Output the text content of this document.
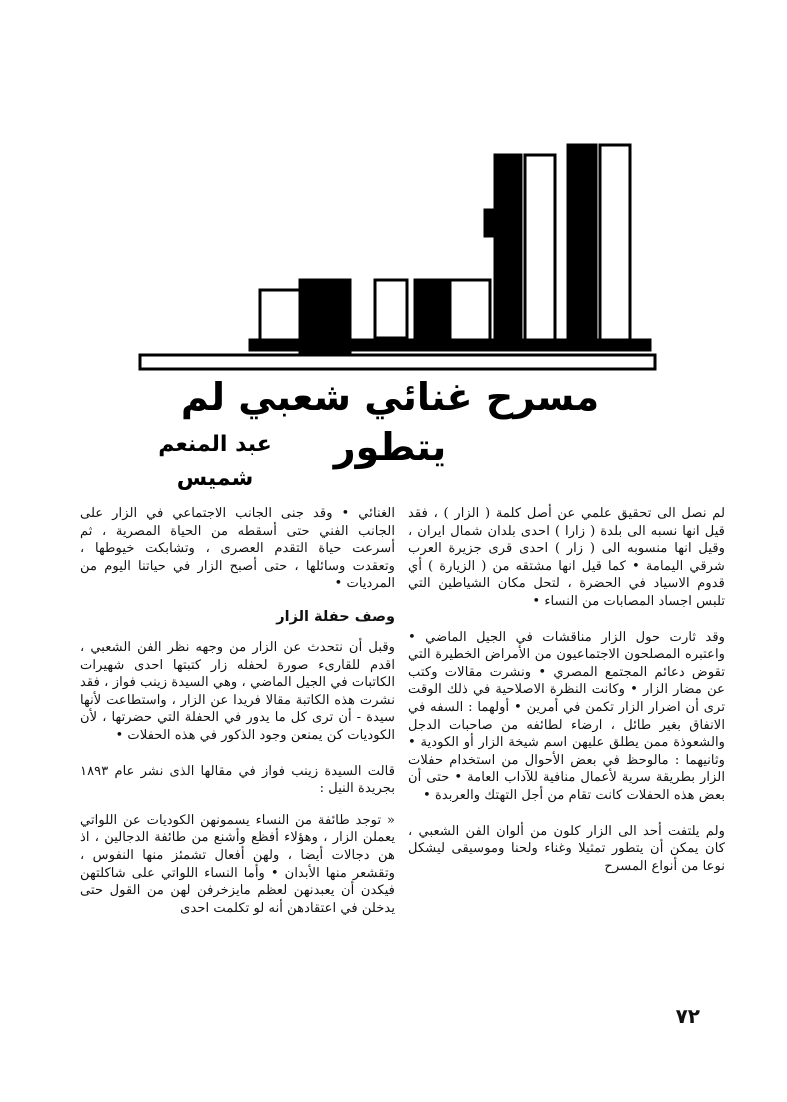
مسرح غنائي شعبي لم يتطور
عبد المنعم شميس

لم نصل الى تحقيق علمي عن أصل كلمة ( الزار ) ، فقد قيل انها نسبه الى بلدة ( زارا ) احدى بلدان شمال ايران ، وقيل انها منسوبه الى ( زار ) احدى قرى جزيرة العرب شرقي اليمامة • كما قيل انها مشتقه من ( الزيارة ) أي قدوم الاسياد في الحضرة ، لتحل مكان الشياطين التي تلبس اجساد المصابات من النساء •

وقد ثارت حول الزار مناقشات في الجيل الماضي • واعتبره المصلحون الاجتماعيون من الأمراض الخطيرة التي تقوض دعائم المجتمع المصري • ونشرت مقالات وكتب عن مضار الزار • وكانت النظرة الاصلاحية في ذلك الوقت ترى أن اضرار الزار تكمن في أمرين • أولهما : السفه في الانفاق بغير طائل ، ارضاء لطائفه من صاحبات الدجل والشعوذة ممن يطلق عليهن اسم شيخة الزار أو الكودية • وثانيهما : مالوحظ في بعض الأحوال من استخدام حفلات الزار بطريقة سرية لأعمال منافية للآداب العامة • حتى أن بعض هذه الحفلات كانت تقام من أجل التهتك والعربدة •

ولم يلتفت أحد الى الزار كلون من ألوان الفن الشعبي ، كان يمكن أن يتطور تمثيلا وغناء ولحنا وموسيقى ليشكل نوعا من أنواع المسرح

الغنائي • وقد جنى الجانب الاجتماعي في الزار على الجانب الفني حتى أسقطه من الحياة المصرية ، ثم أسرعت حياة التقدم العصرى ، وتشابكت خيوطها ، وتعقدت وسائلها ، حتى أصبح الزار في حياتنا اليوم من المرديات •

وصف حفلة الزار

وقبل أن نتحدث عن الزار من وجهه نظر الفن الشعبي ، اقدم للقارىء صورة لحفله زار كتبتها احدى شهيرات الكاتبات في الجيل الماضي ، وهي السيدة زينب فواز ، فقد نشرت هذه الكاتبة مقالا فريدا عن الزار ، واستطاعت لأنها سيدة - أن ترى كل ما يدور في الحفلة التي حضرتها ، لأن الكوديات كن يمنعن وجود الذكور في هذه الحفلات •

قالت السيدة زينب فواز في مقالها الذى نشر عام ١٨٩٣ بجريدة النيل :

« توجد طائفة من النساء يسمونهن الكوديات عن اللواتي يعملن الزار ، وهؤلاء أفظع وأشنع من طائفة الدجالين ، اذ هن دجالات أيضا ، ولهن أفعال تشمئز منها النفوس ، وتقشعر منها الأبدان • وأما النساء اللواتي على شاكلتهن فيكدن أن يعبدنهن لعظم مايزخرفن لهن من القول حتى يدخلن في اعتقادهن أنه لو تكلمت احدى

٧٢
